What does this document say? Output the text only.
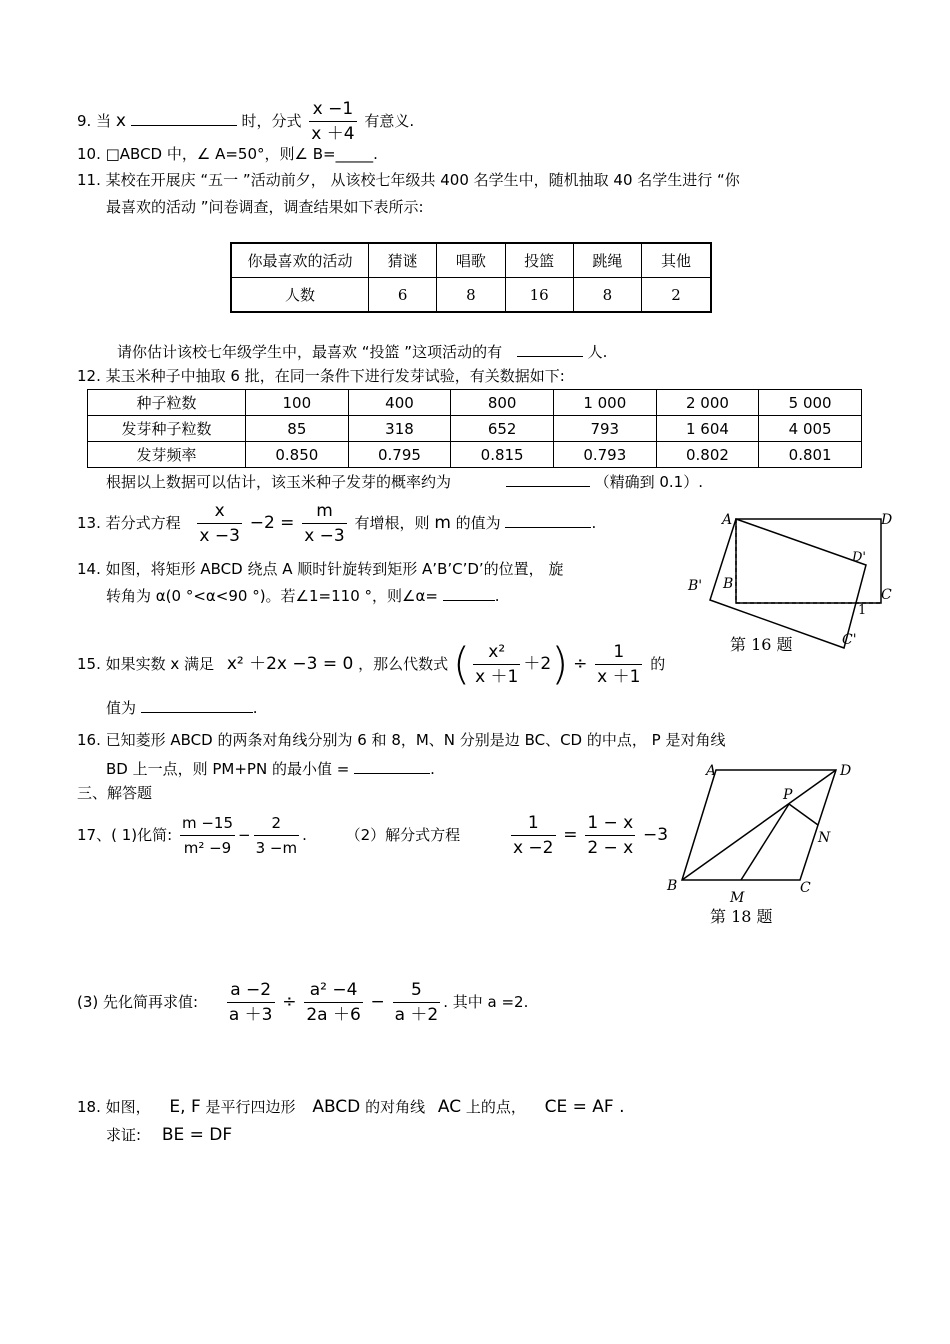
9. 当 x	时，分式 $\frac{x -1}{x +4}$ 有意义.
10. □ABCD 中，∠ A=50°，则∠ B=_____.
11. 某校在开展庆 “五一 ”活动前夕， 从该校七年级共 400 名学生中，随机抽取 40 名学生进行 “你
最喜欢的活动 ”问卷调查，调查结果如下表所示:
你最喜欢的活动	猜谜	唱歌	投篮	跳绳	其他
人数	6	8	16	8	2
请你估计该校七年级学生中，最喜欢 “投篮 ”这项活动的有	人.
12. 某玉米种子中抽取 6 批，在同一条件下进行发芽试验，有关数据如下:
种子粒数	100	400	800	1 000	2 000	5 000
发芽种子粒数	85	318	652	793	1 604	4 005
发芽频率	0.850	0.795	0.815	0.793	0.802	0.801
根据以上数据可以估计，该玉米种子发芽的概率约为	（精确到 0.1）.
13. 若分式方程 $\frac{x}{x -3} -2 = \frac{m}{x -3}$ 有增根，则 m 的值为	.
14. 如图，将矩形 ABCD 绕点 A 顺时针旋转到矩形 A’B’C’D’的位置， 旋
转角为 α(0 °<α<90 °)。若∠1=110 °，则∠α=	.
A	D
D'
B' B
C
1
C'
第 16 题
15. 如果实数 x 满足 x² ＋2x −3 = 0 ，那么代数式 ( $\frac{\text{x²}}{x +1} +2) \div \frac{1}{x +1}$ 的
值为	.
16. 已知菱形 ABCD 的两条对角线分别为 6 和 8，M、N 分别是边 BC、CD 的中点， P 是对角线
BD 上一点，则 PM+PN 的最小值 =	.
三、解答题
17、( 1)化简: $\frac{m -15}{\text{m² −9}} - \frac{2}{3 -m}$ .	（2）解分式方程	$\frac{1}{x -2} = \frac{1 - x}{2 - x} -3$
A	D
P
N
B
M
C
第 18 题
(3) 先化简再求值: $\frac{a -2}{a +3} \div \frac{\text{a² −4}}{2a +6} - \frac{5}{a +2}$ . 其中 a =2.
18. 如图， E, F 是平行四边形 ABCD 的对角线 AC 上的点， CE = AF .
求证: BE = DF
